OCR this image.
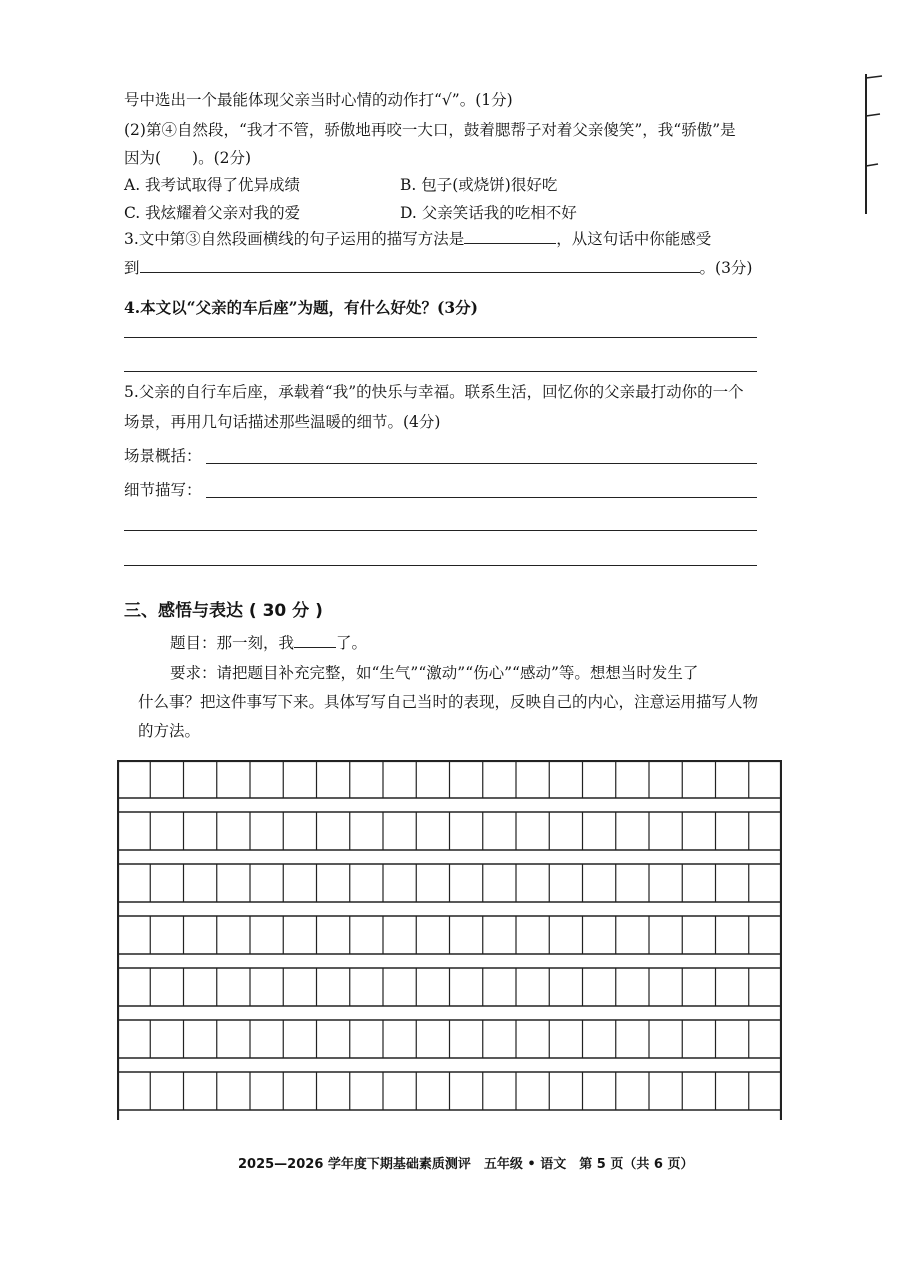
号中选出一个最能体现父亲当时心情的动作打“√”。(1分)
(2)第④自然段，“我才不管，骄傲地再咬一大口，鼓着腮帮子对着父亲傻笑”，我“骄傲”是
因为(　　)。(2分)
A. 我考试取得了优异成绩	B. 包子(或烧饼)很好吃
C. 我炫耀着父亲对我的爱	D. 父亲笑话我的吃相不好
3.文中第③自然段画横线的句子运用的描写方法是	，从这句话中你能感受
到	。(3分)
4.本文以“父亲的车后座”为题，有什么好处？(3分)
5.父亲的自行车后座，承载着“我”的快乐与幸福。联系生活，回忆你的父亲最打动你的一个
场景，再用几句话描述那些温暖的细节。(4分)
场景概括：
细节描写：
三、感悟与表达 ( 30 分 )
题目：那一刻，我	了。
要求：请把题目补充完整，如“生气”“激动”“伤心”“感动”等。想想当时发生了
什么事？把这件事写下来。具体写写自己当时的表现，反映自己的内心，注意运用描写人物
的方法。
2025—2026 学年度下期基础素质测评　五年级 • 语文　第 5 页（共 6 页）
